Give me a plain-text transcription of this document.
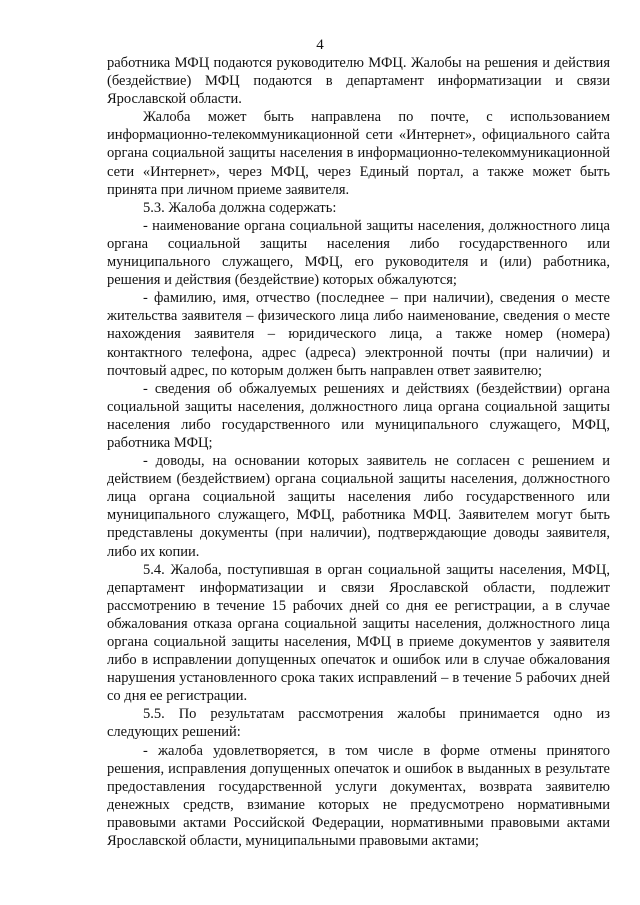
4

работника МФЦ подаются руководителю МФЦ. Жалобы на решения и действия (бездействие) МФЦ подаются в департамент информатизации и связи Ярославской области.

Жалоба может быть направлена по почте, с использованием информационно-телекоммуникационной сети «Интернет», официального сайта органа социальной защиты населения в информационно-телекоммуникационной сети «Интернет», через МФЦ, через Единый портал, а также может быть принята при личном приеме заявителя.

5.3. Жалоба должна содержать:

- наименование органа социальной защиты населения, должностного лица органа социальной защиты населения либо государственного или муниципального служащего, МФЦ, его руководителя и (или) работника, решения и действия (бездействие) которых обжалуются;

- фамилию, имя, отчество (последнее – при наличии), сведения о месте жительства заявителя – физического лица либо наименование, сведения о месте нахождения заявителя – юридического лица, а также номер (номера) контактного телефона, адрес (адреса) электронной почты (при наличии) и почтовый адрес, по которым должен быть направлен ответ заявителю;

- сведения об обжалуемых решениях и действиях (бездействии) органа социальной защиты населения, должностного лица органа социальной защиты населения либо государственного или муниципального служащего, МФЦ, работника МФЦ;

- доводы, на основании которых заявитель не согласен с решением и действием (бездействием) органа социальной защиты населения, должностного лица органа социальной защиты населения либо государственного или муниципального служащего, МФЦ, работника МФЦ. Заявителем могут быть представлены документы (при наличии), подтверждающие доводы заявителя, либо их копии.

5.4. Жалоба, поступившая в орган социальной защиты населения, МФЦ, департамент информатизации и связи Ярославской области, подлежит рассмотрению в течение 15 рабочих дней со дня ее регистрации, а в случае обжалования отказа органа социальной защиты населения, должностного лица органа социальной защиты населения, МФЦ в приеме документов у заявителя либо в исправлении допущенных опечаток и ошибок или в случае обжалования нарушения установленного срока таких исправлений – в течение 5 рабочих дней со дня ее регистрации.

5.5. По результатам рассмотрения жалобы принимается одно из следующих решений:

- жалоба удовлетворяется, в том числе в форме отмены принятого решения, исправления допущенных опечаток и ошибок в выданных в результате предоставления государственной услуги документах, возврата заявителю денежных средств, взимание которых не предусмотрено нормативными правовыми актами Российской Федерации, нормативными правовыми актами Ярославской области, муниципальными правовыми актами;
